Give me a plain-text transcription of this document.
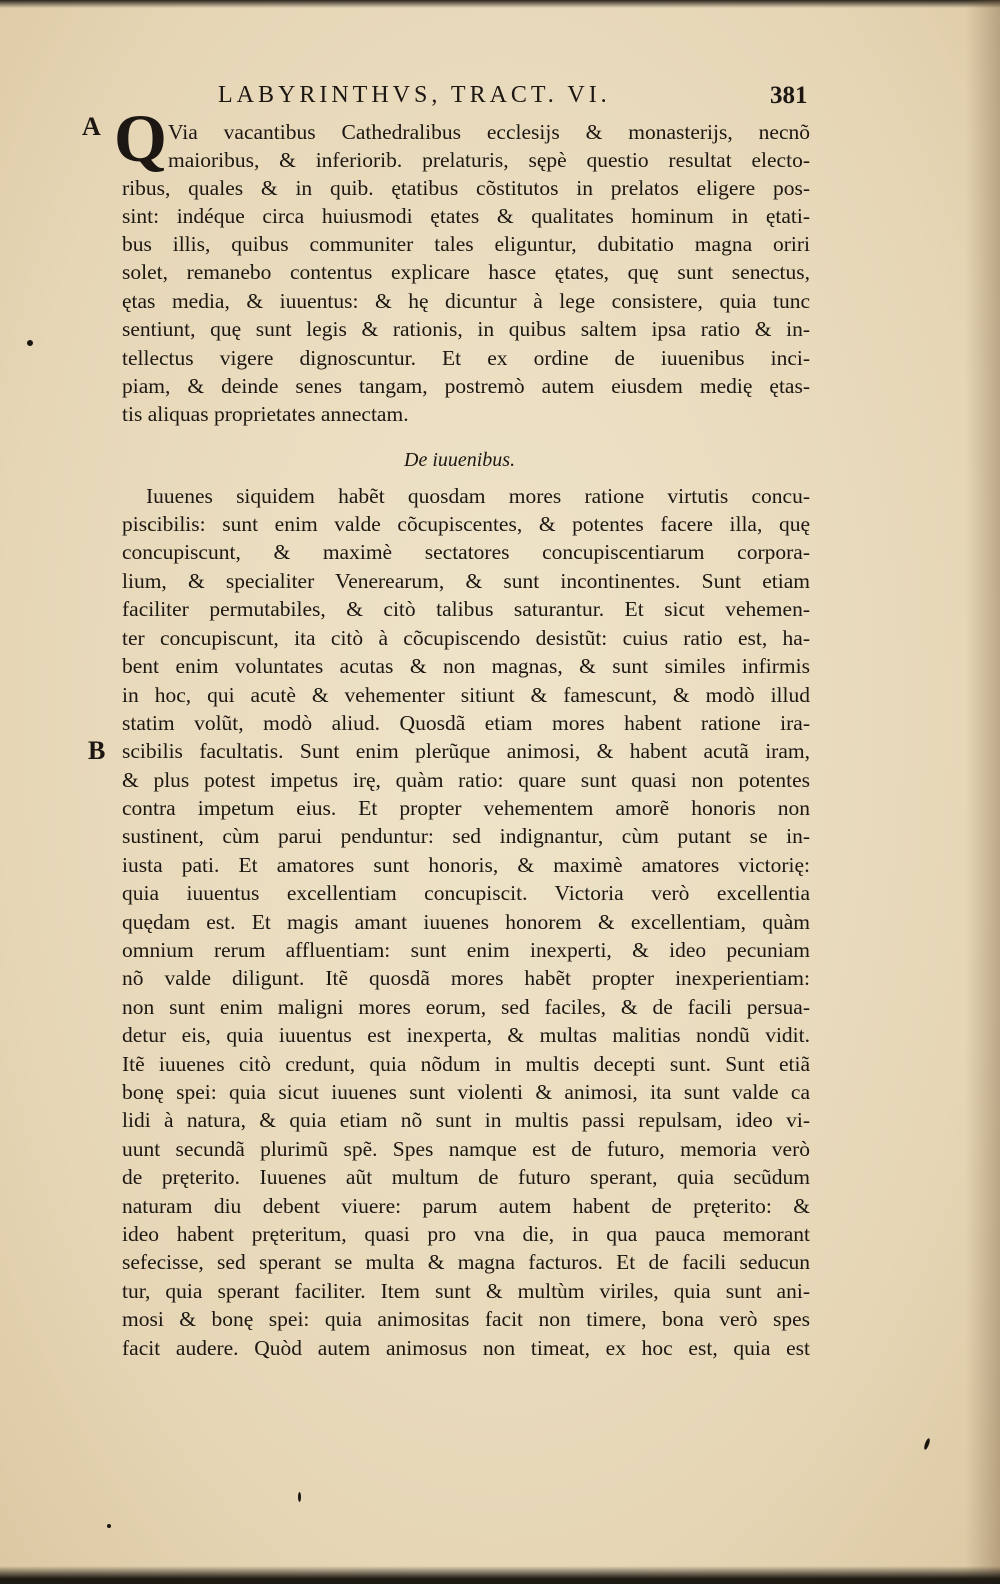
LABYRINTHVS, TRACT. VI.	381
A
B
Q Via vacantibus Cathedralibus ecclesijs & monasterijs, necnõ
maioribus, & inferiorib. prelaturis, sępè questio resultat electo-
ribus, quales & in quib. ętatibus cõstitutos in prelatos eligere pos-
sint: indéque circa huiusmodi ętates & qualitates hominum in ętati-
bus illis, quibus communiter tales eliguntur, dubitatio magna oriri
solet, remanebo contentus explicare hasce ętates, quę sunt senectus,
ętas media, & iuuentus: & hę dicuntur à lege consistere, quia tunc
sentiunt, quę sunt legis & rationis, in quibus saltem ipsa ratio & in-
tellectus vigere dignoscuntur. Et ex ordine de iuuenibus inci-
piam, & deinde senes tangam, postremò autem eiusdem medię ętas-
tis aliquas proprietates annectam.
Iuuenes siquidem habẽt quosdam mores ratione virtutis concu-
piscibilis: sunt enim valde cõcupiscentes, & potentes facere illa, quę
concupiscunt, & maximè sectatores concupiscentiarum corpora-
lium, & specialiter Venerearum, & sunt incontinentes. Sunt etiam
faciliter permutabiles, & citò talibus saturantur. Et sicut vehemen-
ter concupiscunt, ita citò à cõcupiscendo desistũt: cuius ratio est, ha-
bent enim voluntates acutas & non magnas, & sunt similes infirmis
in hoc, qui acutè & vehementer sitiunt & famescunt, & modò illud
statim volũt, modò aliud. Quosdã etiam mores habent ratione ira-
scibilis facultatis. Sunt enim plerũque animosi, & habent acutã iram,
& plus potest impetus irę, quàm ratio: quare sunt quasi non potentes
contra impetum eius. Et propter vehementem amorẽ honoris non
sustinent, cùm parui penduntur: sed indignantur, cùm putant se in-
iusta pati. Et amatores sunt honoris, & maximè amatores victorię:
quia iuuentus excellentiam concupiscit. Victoria verò excellentia
quędam est. Et magis amant iuuenes honorem & excellentiam, quàm
omnium rerum affluentiam: sunt enim inexperti, & ideo pecuniam
nõ valde diligunt. Itẽ quosdã mores habẽt propter inexperientiam:
non sunt enim maligni mores eorum, sed faciles, & de facili persua-
detur eis, quia iuuentus est inexperta, & multas malitias nondũ vidit.
Itẽ iuuenes citò credunt, quia nõdum in multis decepti sunt. Sunt etiã
bonę spei: quia sicut iuuenes sunt violenti & animosi, ita sunt valde ca
lidi à natura, & quia etiam nõ sunt in multis passi repulsam, ideo vi-
uunt secundã plurimũ spẽ. Spes namque est de futuro, memoria verò
de pręterito. Iuuenes aũt multum de futuro sperant, quia secũdum
naturam diu debent viuere: parum autem habent de pręterito: &
ideo habent pręteritum, quasi pro vna die, in qua pauca memorant
sefecisse, sed sperant se multa & magna facturos. Et de facili seducun
tur, quia sperant faciliter. Item sunt & multùm viriles, quia sunt ani-
mosi & bonę spei: quia animositas facit non timere, bona verò spes
facit audere. Quòd autem animosus non timeat, ex hoc est, quia est
De iuuenibus.
